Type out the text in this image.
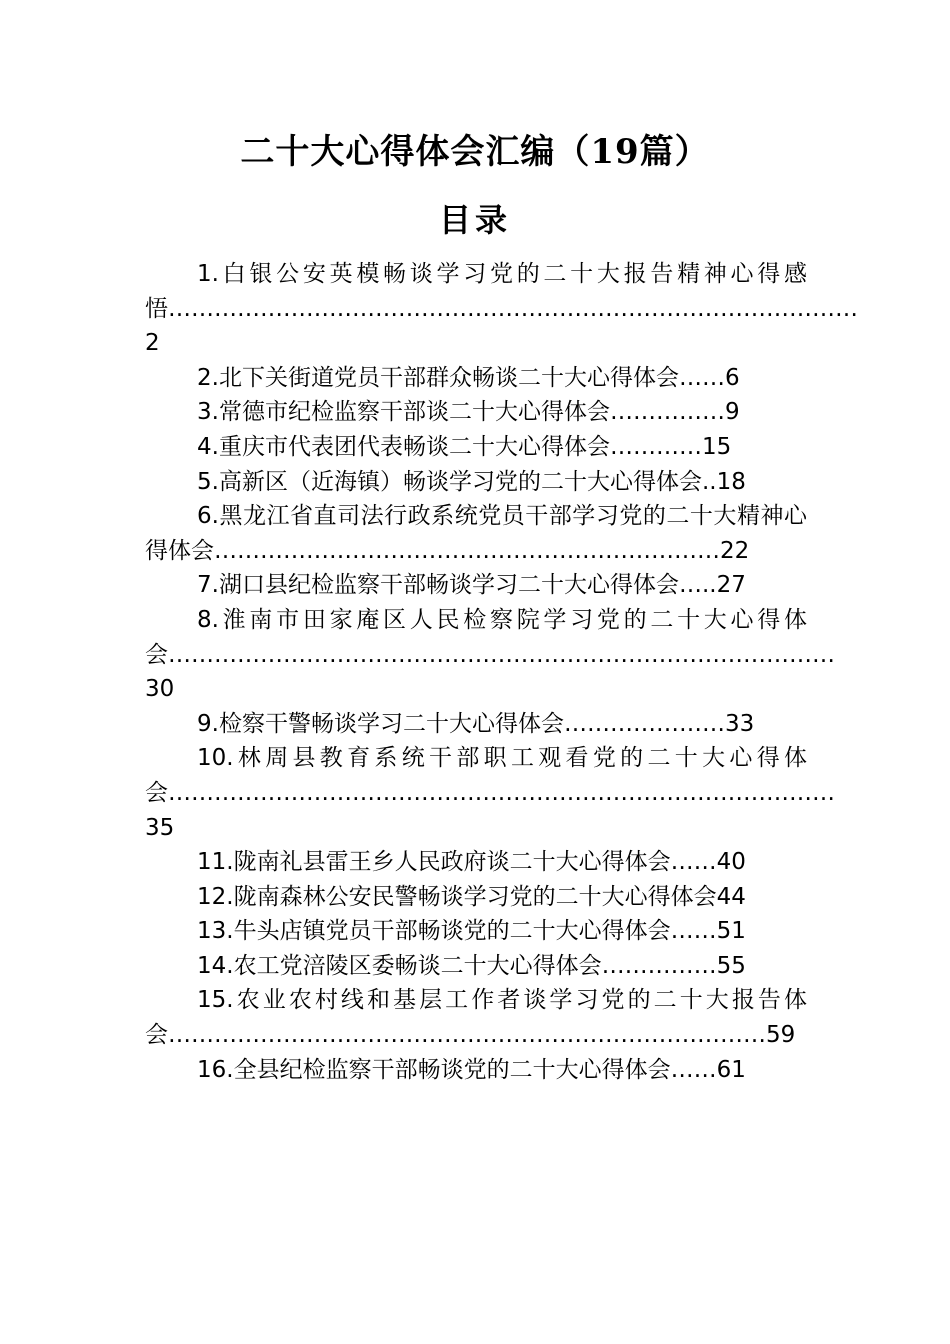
二十大心得体会汇编（19篇）
目录

1.白银公安英模畅谈学习党的二十大报告精神心得感悟………………………………………………………………………………2

2.北下关街道党员干部群众畅谈二十大心得体会……6

3.常德市纪检监察干部谈二十大心得体会……………9

4.重庆市代表团代表畅谈二十大心得体会…………15

5.高新区（近海镇）畅谈学习党的二十大心得体会..18

6.黑龙江省直司法行政系统党员干部学习党的二十大精神心得体会…………………………………………………………22

7.湖口县纪检监察干部畅谈学习二十大心得体会…..27

8.淮南市田家庵区人民检察院学习党的二十大心得体会……………………………………………………………………………30

9.检察干警畅谈学习二十大心得体会…………………33

10.林周县教育系统干部职工观看党的二十大心得体会……………………………………………………………………………35

11.陇南礼县雷王乡人民政府谈二十大心得体会……40

12.陇南森林公安民警畅谈学习党的二十大心得体会44

13.牛头店镇党员干部畅谈党的二十大心得体会……51

14.农工党涪陵区委畅谈二十大心得体会……………55

15.农业农村线和基层工作者谈学习党的二十大报告体会……………………………………………………………………59

16.全县纪检监察干部畅谈党的二十大心得体会……61
